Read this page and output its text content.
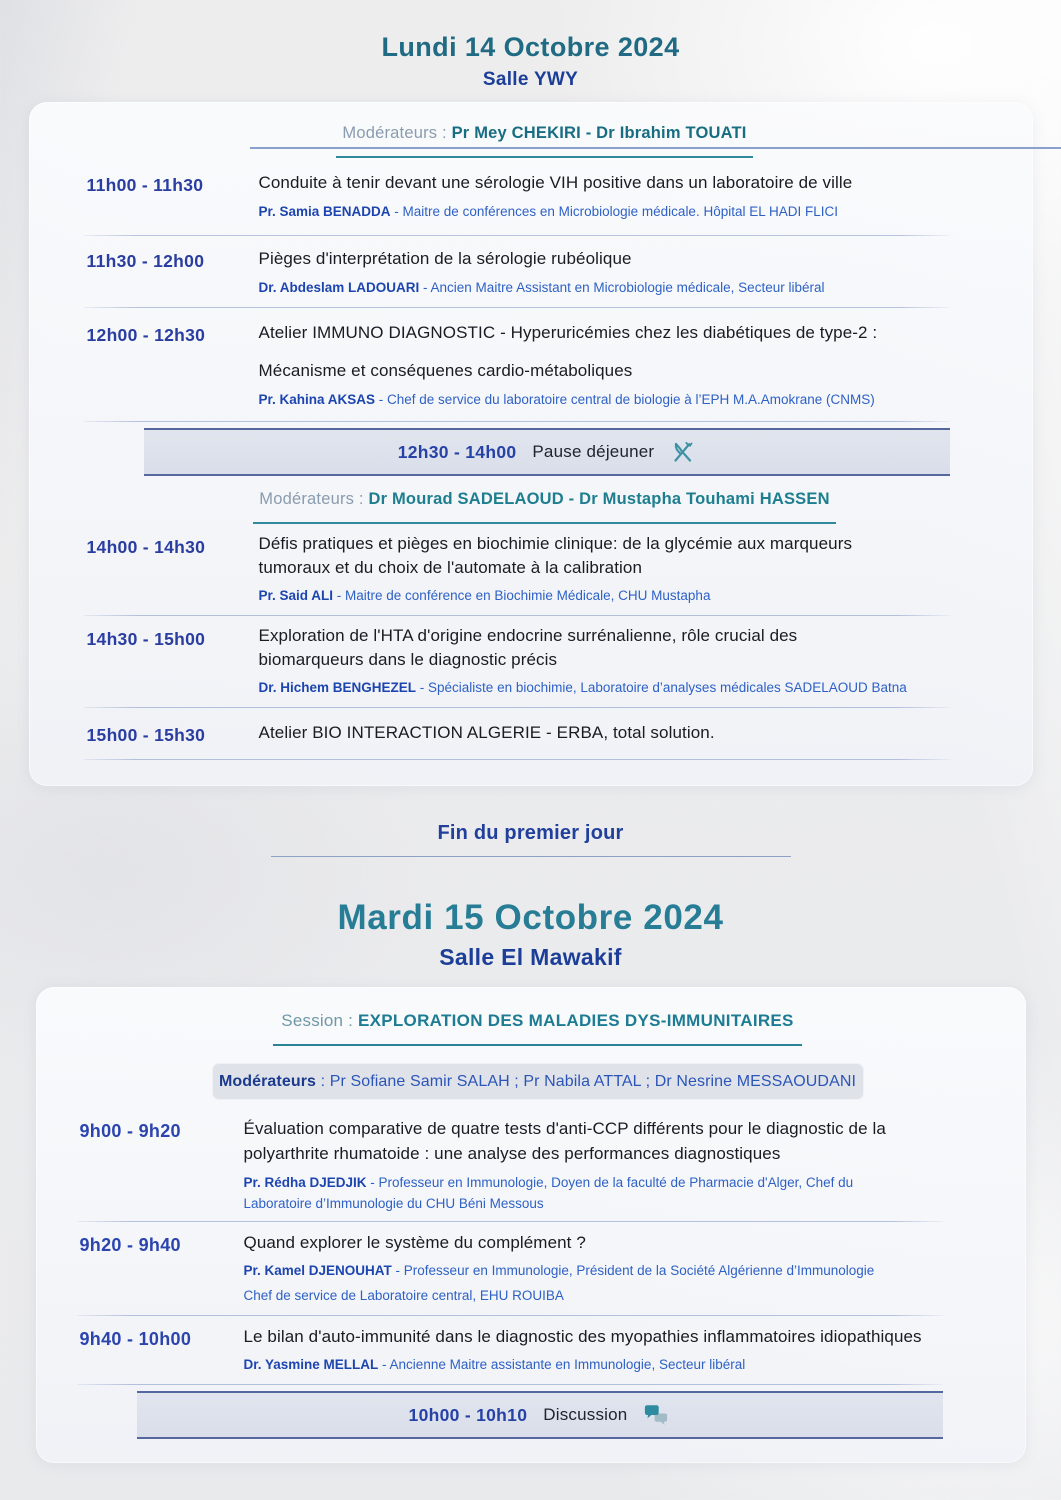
Lundi 14 Octobre 2024
Salle YWY
Modérateurs : Pr Mey CHEKIRI - Dr Ibrahim TOUATI
11h00 - 11h30	Conduite à tenir devant une sérologie VIH positive dans un laboratoire de ville
Pr. Samia BENADDA - Maitre de conférences en Microbiologie médicale. Hôpital EL HADI FLICI
11h30 - 12h00	Pièges d'interprétation de la sérologie rubéolique
Dr. Abdeslam LADOUARI - Ancien Maitre Assistant en Microbiologie médicale, Secteur libéral
12h00 - 12h30	Atelier IMMUNO DIAGNOSTIC - Hyperuricémies chez les diabétiques de type-2 :
Mécanisme et conséquenes cardio-métaboliques
Pr. Kahina AKSAS - Chef de service du laboratoire central de biologie à l’EPH M.A.Amokrane (CNMS)
12h30 - 14h00 Pause déjeuner
Modérateurs : Dr Mourad SADELAOUD - Dr Mustapha Touhami HASSEN
14h00 - 14h30	Défis pratiques et pièges en biochimie clinique: de la glycémie aux marqueurs tumoraux et du choix de l'automate à la calibration
Pr. Said ALI - Maitre de conférence en Biochimie Médicale, CHU Mustapha
14h30 - 15h00	Exploration de l'HTA d'origine endocrine surrénalienne, rôle crucial des biomarqueurs dans le diagnostic précis
Dr. Hichem BENGHEZEL - Spécialiste en biochimie, Laboratoire d’analyses médicales SADELAOUD Batna
15h00 - 15h30	Atelier BIO INTERACTION ALGERIE - ERBA, total solution.
Fin du premier jour
Mardi 15 Octobre 2024
Salle El Mawakif
Session : EXPLORATION DES MALADIES DYS-IMMUNITAIRES
Modérateurs : Pr Sofiane Samir SALAH ; Pr Nabila ATTAL ; Dr Nesrine MESSAOUDANI
9h00 - 9h20	Évaluation comparative de quatre tests d'anti-CCP différents pour le diagnostic de la polyarthrite rhumatoide : une analyse des performances diagnostiques
Pr. Rédha DJEDJIK - Professeur en Immunologie, Doyen de la faculté de Pharmacie d'Alger, Chef du Laboratoire d’Immunologie du CHU Béni Messous
9h20 - 9h40	Quand explorer le système du complément ?
Pr. Kamel DJENOUHAT - Professeur en Immunologie, Président de la Société Algérienne d’Immunologie
Chef de service de Laboratoire central, EHU ROUIBA
9h40 - 10h00	Le bilan d'auto-immunité dans le diagnostic des myopathies inflammatoires idiopathiques
Dr. Yasmine MELLAL - Ancienne Maitre assistante en Immunologie, Secteur libéral
10h00 - 10h10 Discussion
